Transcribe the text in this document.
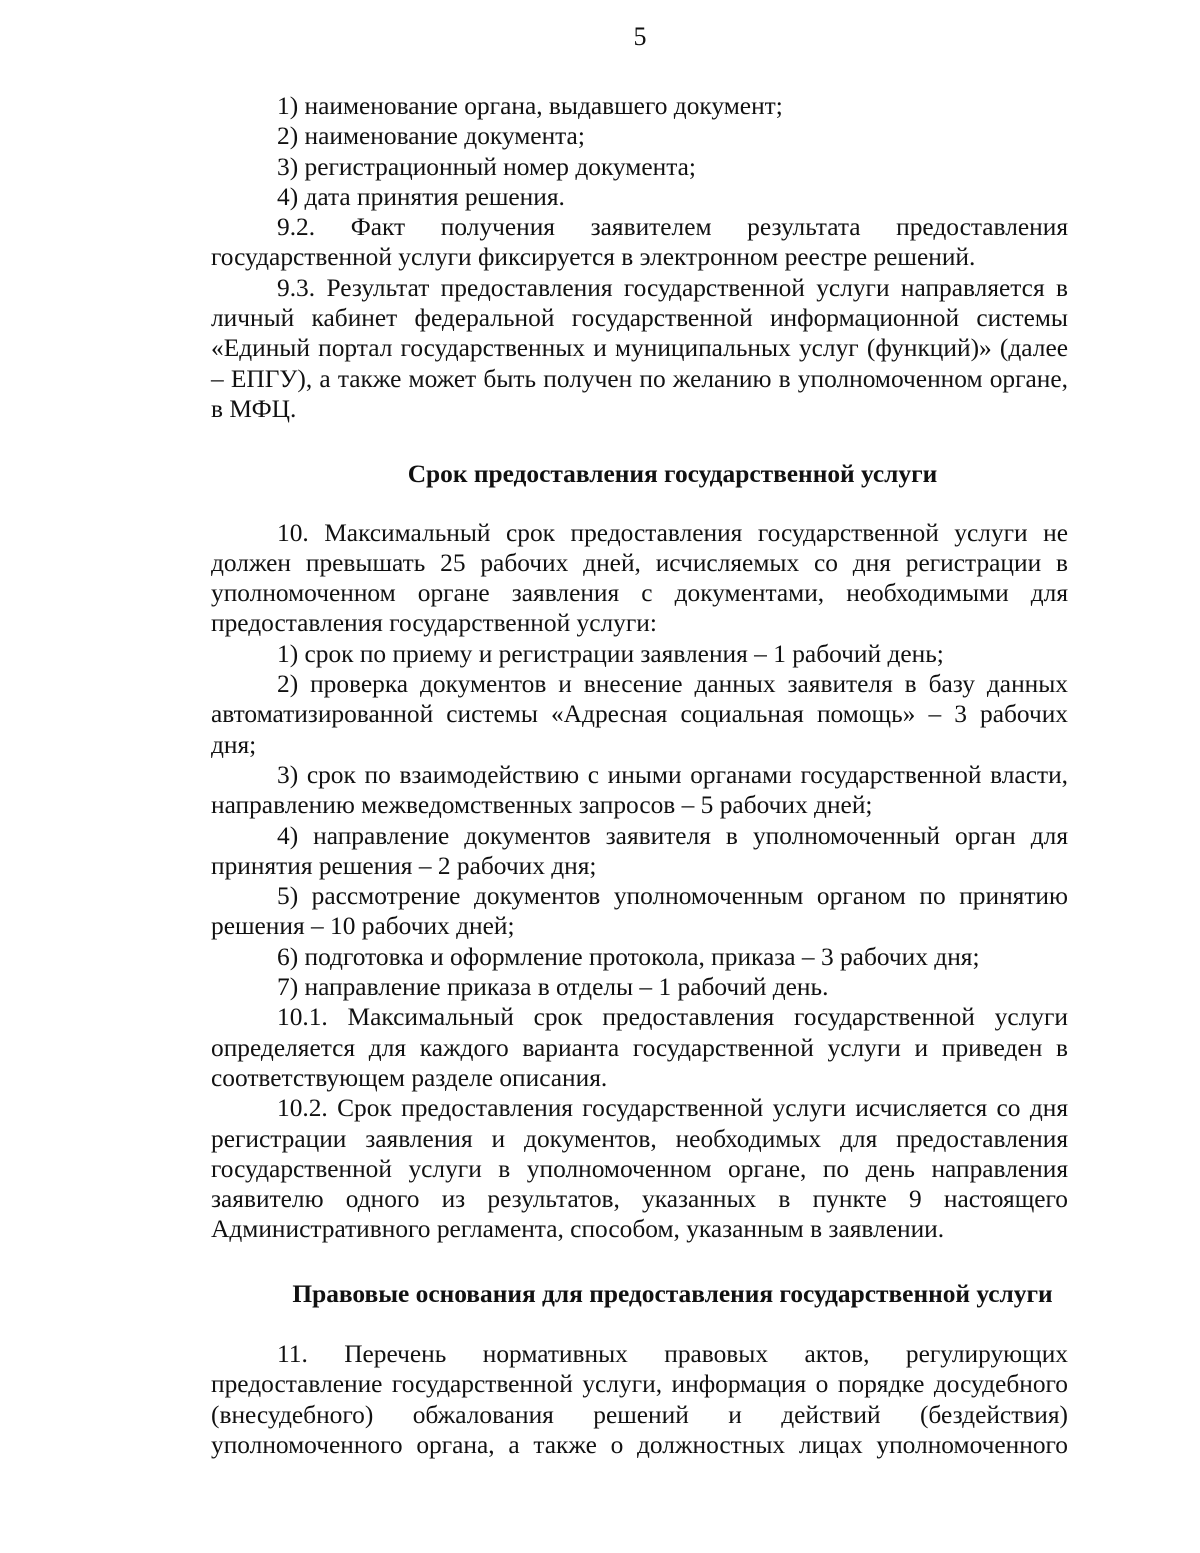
5

1) наименование органа, выдавшего документ;

2) наименование документа;

3) регистрационный номер документа;

4) дата принятия решения.

9.2. Факт получения заявителем результата предоставления государственной услуги фиксируется в электронном реестре решений.

9.3. Результат предоставления государственной услуги направляется в личный кабинет федеральной государственной информационной системы «Единый портал государственных и муниципальных услуг (функций)» (далее – ЕПГУ), а также может быть получен по желанию в уполномоченном органе, в МФЦ.

Срок предоставления государственной услуги

10. Максимальный срок предоставления государственной услуги не должен превышать 25 рабочих дней, исчисляемых со дня регистрации в уполномоченном органе заявления с документами, необходимыми для предоставления государственной услуги:

1) срок по приему и регистрации заявления – 1 рабочий день;

2) проверка документов и внесение данных заявителя в базу данных автоматизированной системы «Адресная социальная помощь» – 3 рабочих дня;

3) срок по взаимодействию с иными органами государственной власти, направлению межведомственных запросов – 5 рабочих дней;

4) направление документов заявителя в уполномоченный орган для принятия решения – 2 рабочих дня;

5) рассмотрение документов уполномоченным органом по принятию решения – 10 рабочих дней;

6) подготовка и оформление протокола, приказа – 3 рабочих дня;

7) направление приказа в отделы – 1 рабочий день.

10.1. Максимальный срок предоставления государственной услуги определяется для каждого варианта государственной услуги и приведен в соответствующем разделе описания.

10.2. Срок предоставления государственной услуги исчисляется со дня регистрации заявления и документов, необходимых для предоставления государственной услуги в уполномоченном органе, по день направления заявителю одного из результатов, указанных в пункте 9 настоящего Административного регламента, способом, указанным в заявлении.

Правовые основания для предоставления государственной услуги

11. Перечень нормативных правовых актов, регулирующих предоставление государственной услуги, информация о порядке досудебного (внесудебного) обжалования решений и действий (бездействия) уполномоченного органа, а также о должностных лицах уполномоченного
